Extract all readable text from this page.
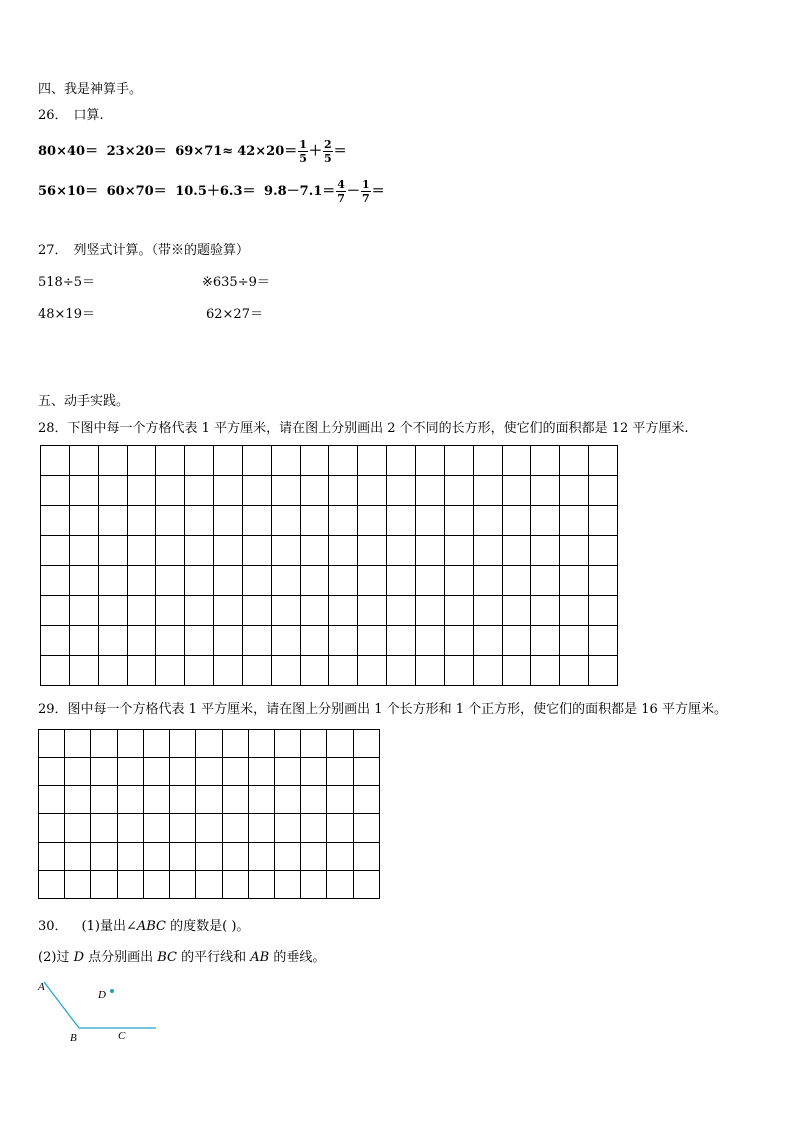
四、我是神算手。
26． 口算.
$80\times 40= 23\times 20= 69\times 71\approx 42\times 20= \frac{1}{5} + \frac{2}{5}$ ＝
$56\times 10= 60\times 70= 10.5+6.3= 9.8-7.1= \frac{4}{7} - \frac{1}{7}$ ＝
27． 列竖式计算。（带※的题验算）
518÷5＝	※635÷9＝
48×19＝	62×27＝
五、动手实践。
28．下图中每一个方格代表 1 平方厘米，请在图上分别画出 2 个不同的长方形，使它们的面积都是 12 平方厘米.

29．图中每一个方格代表 1 平方厘米，请在图上分别画出 1 个长方形和 1 个正方形，使它们的面积都是 16 平方厘米。

30． (1)量出∠ABC 的度数是( )。
(2)过 D 点分别画出 BC 的平行线和 AB 的垂线。
A
B	C
D
